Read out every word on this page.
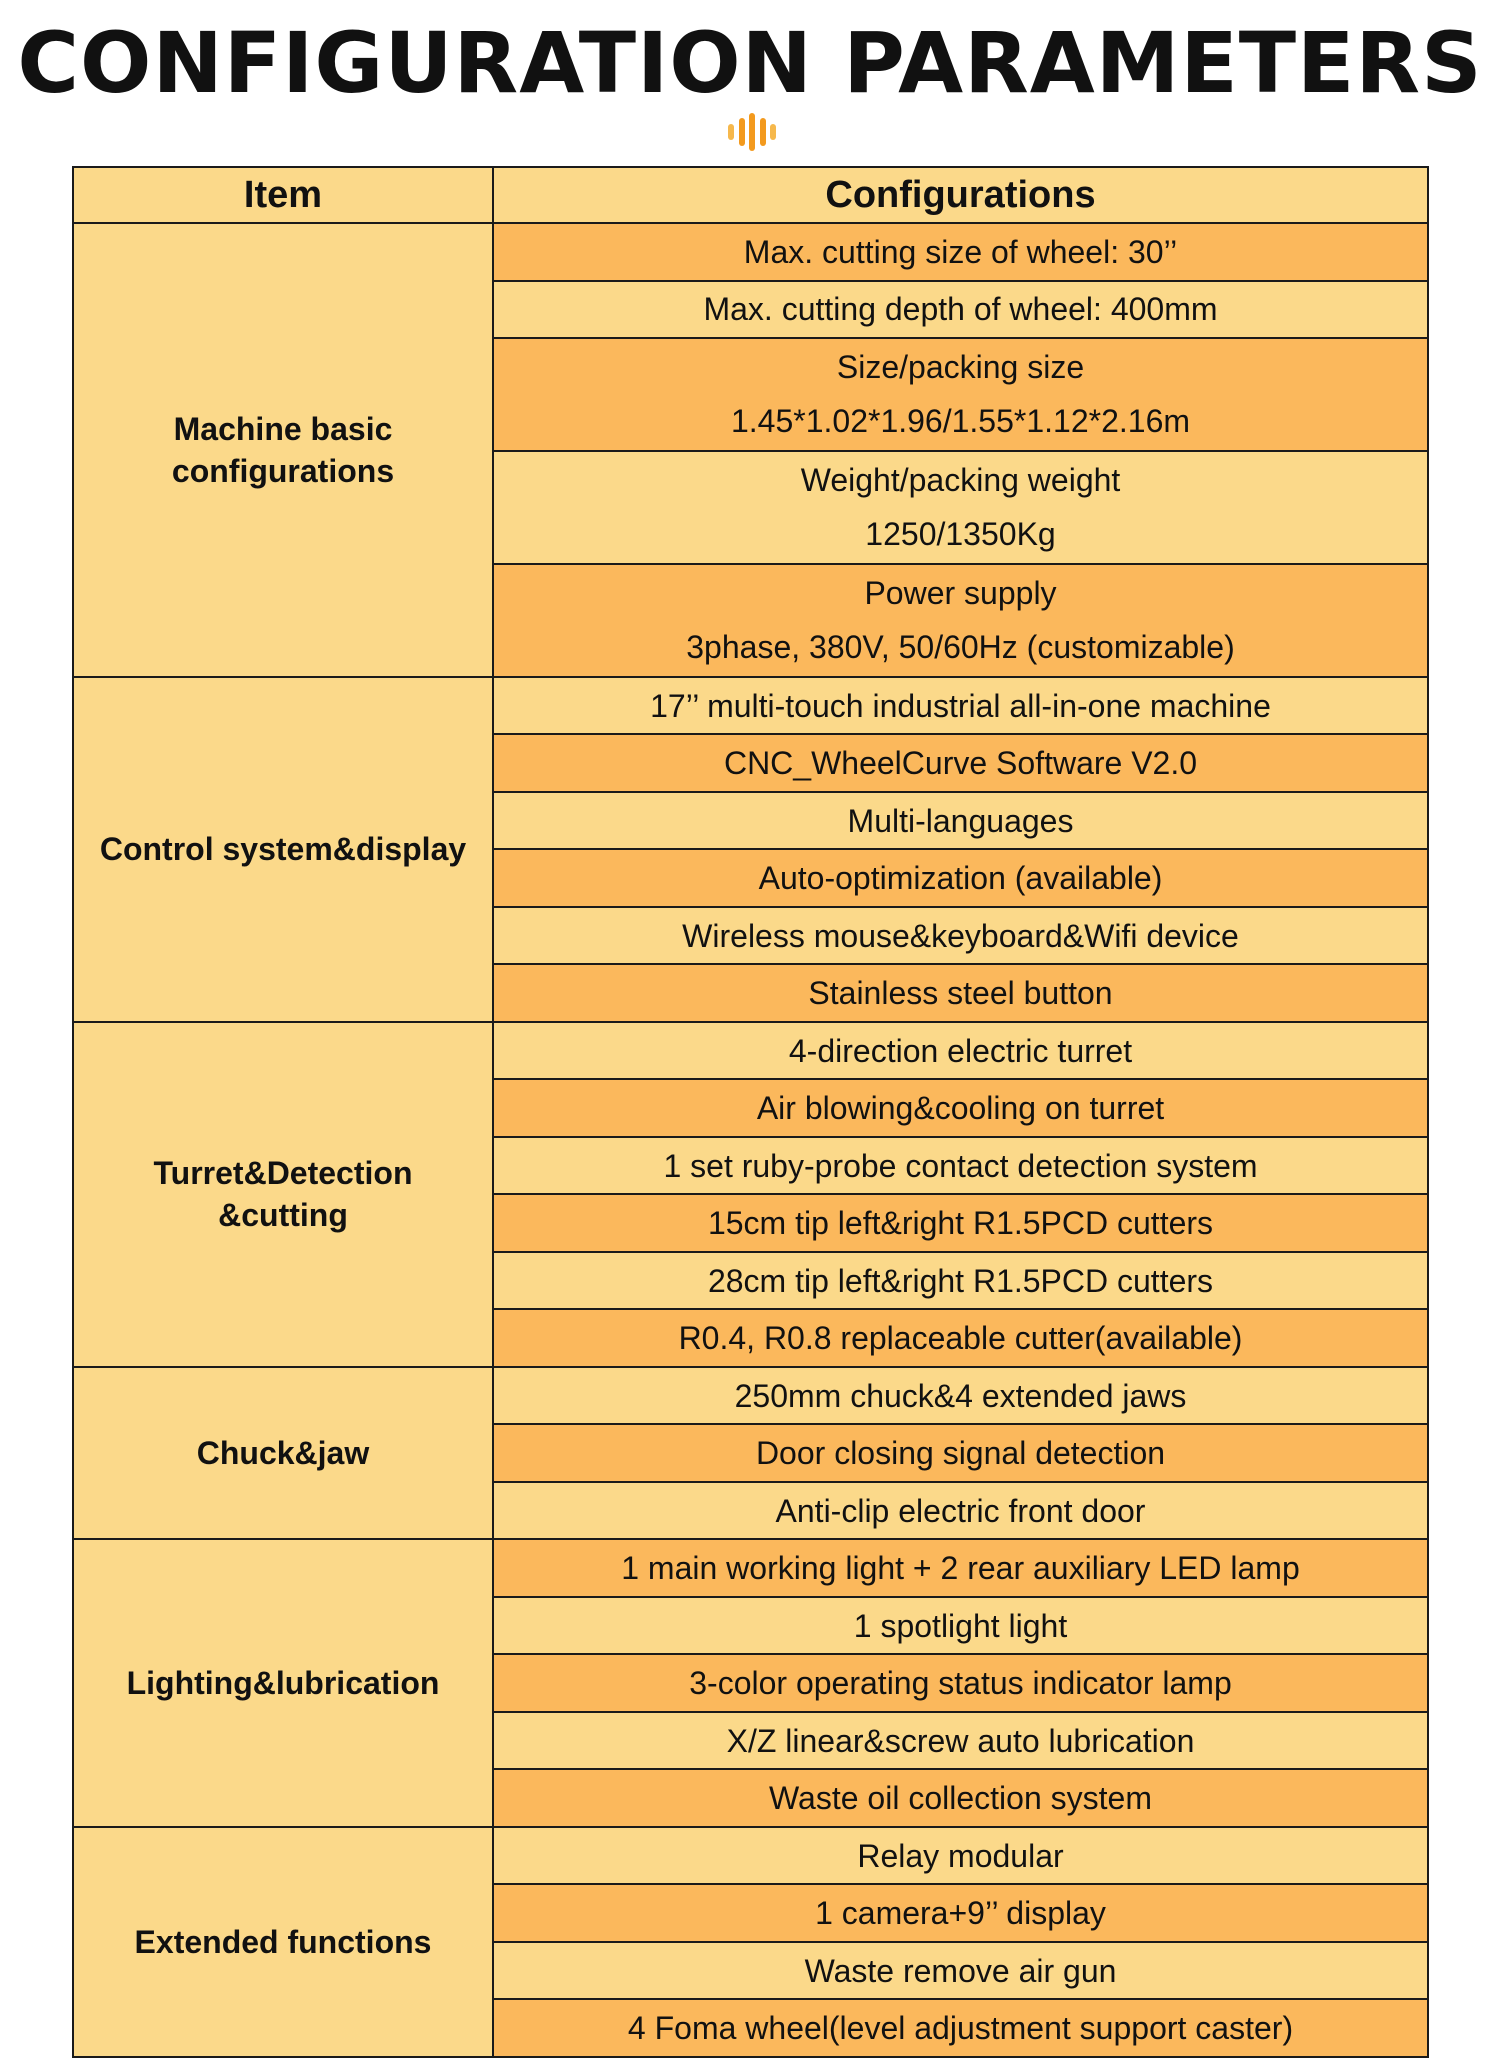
CONFIGURATION PARAMETERS
Item	Configurations

Machine basic
configurations	Max. cutting size of wheel: 30’’

	Max. cutting depth of wheel: 400mm

	Size/packing size
1.45*1.02*1.96/1.55*1.12*2.16m

	Weight/packing weight
1250/1350Kg

	Power supply
3phase, 380V, 50/60Hz (customizable)

Control system&display	17’’ multi-touch industrial all-in-one machine

	CNC_WheelCurve Software V2.0

	Multi-languages

	Auto-optimization (available)

	Wireless mouse&keyboard&Wifi device

	Stainless steel button

Turret&Detection
&cutting	4-direction electric turret

	Air blowing&cooling on turret

	1 set ruby-probe contact detection system

	15cm tip left&right R1.5PCD cutters

	28cm tip left&right R1.5PCD cutters

	R0.4, R0.8 replaceable cutter(available)

Chuck&jaw	250mm chuck&4 extended jaws

	Door closing signal detection

	Anti-clip electric front door

Lighting&lubrication	1 main working light + 2 rear auxiliary LED lamp

	1 spotlight light

	3-color operating status indicator lamp

	X/Z linear&screw auto lubrication

	Waste oil collection system

Extended functions	Relay modular

	1 camera+9’’ display

	Waste remove air gun

	4 Foma wheel(level adjustment support caster)
